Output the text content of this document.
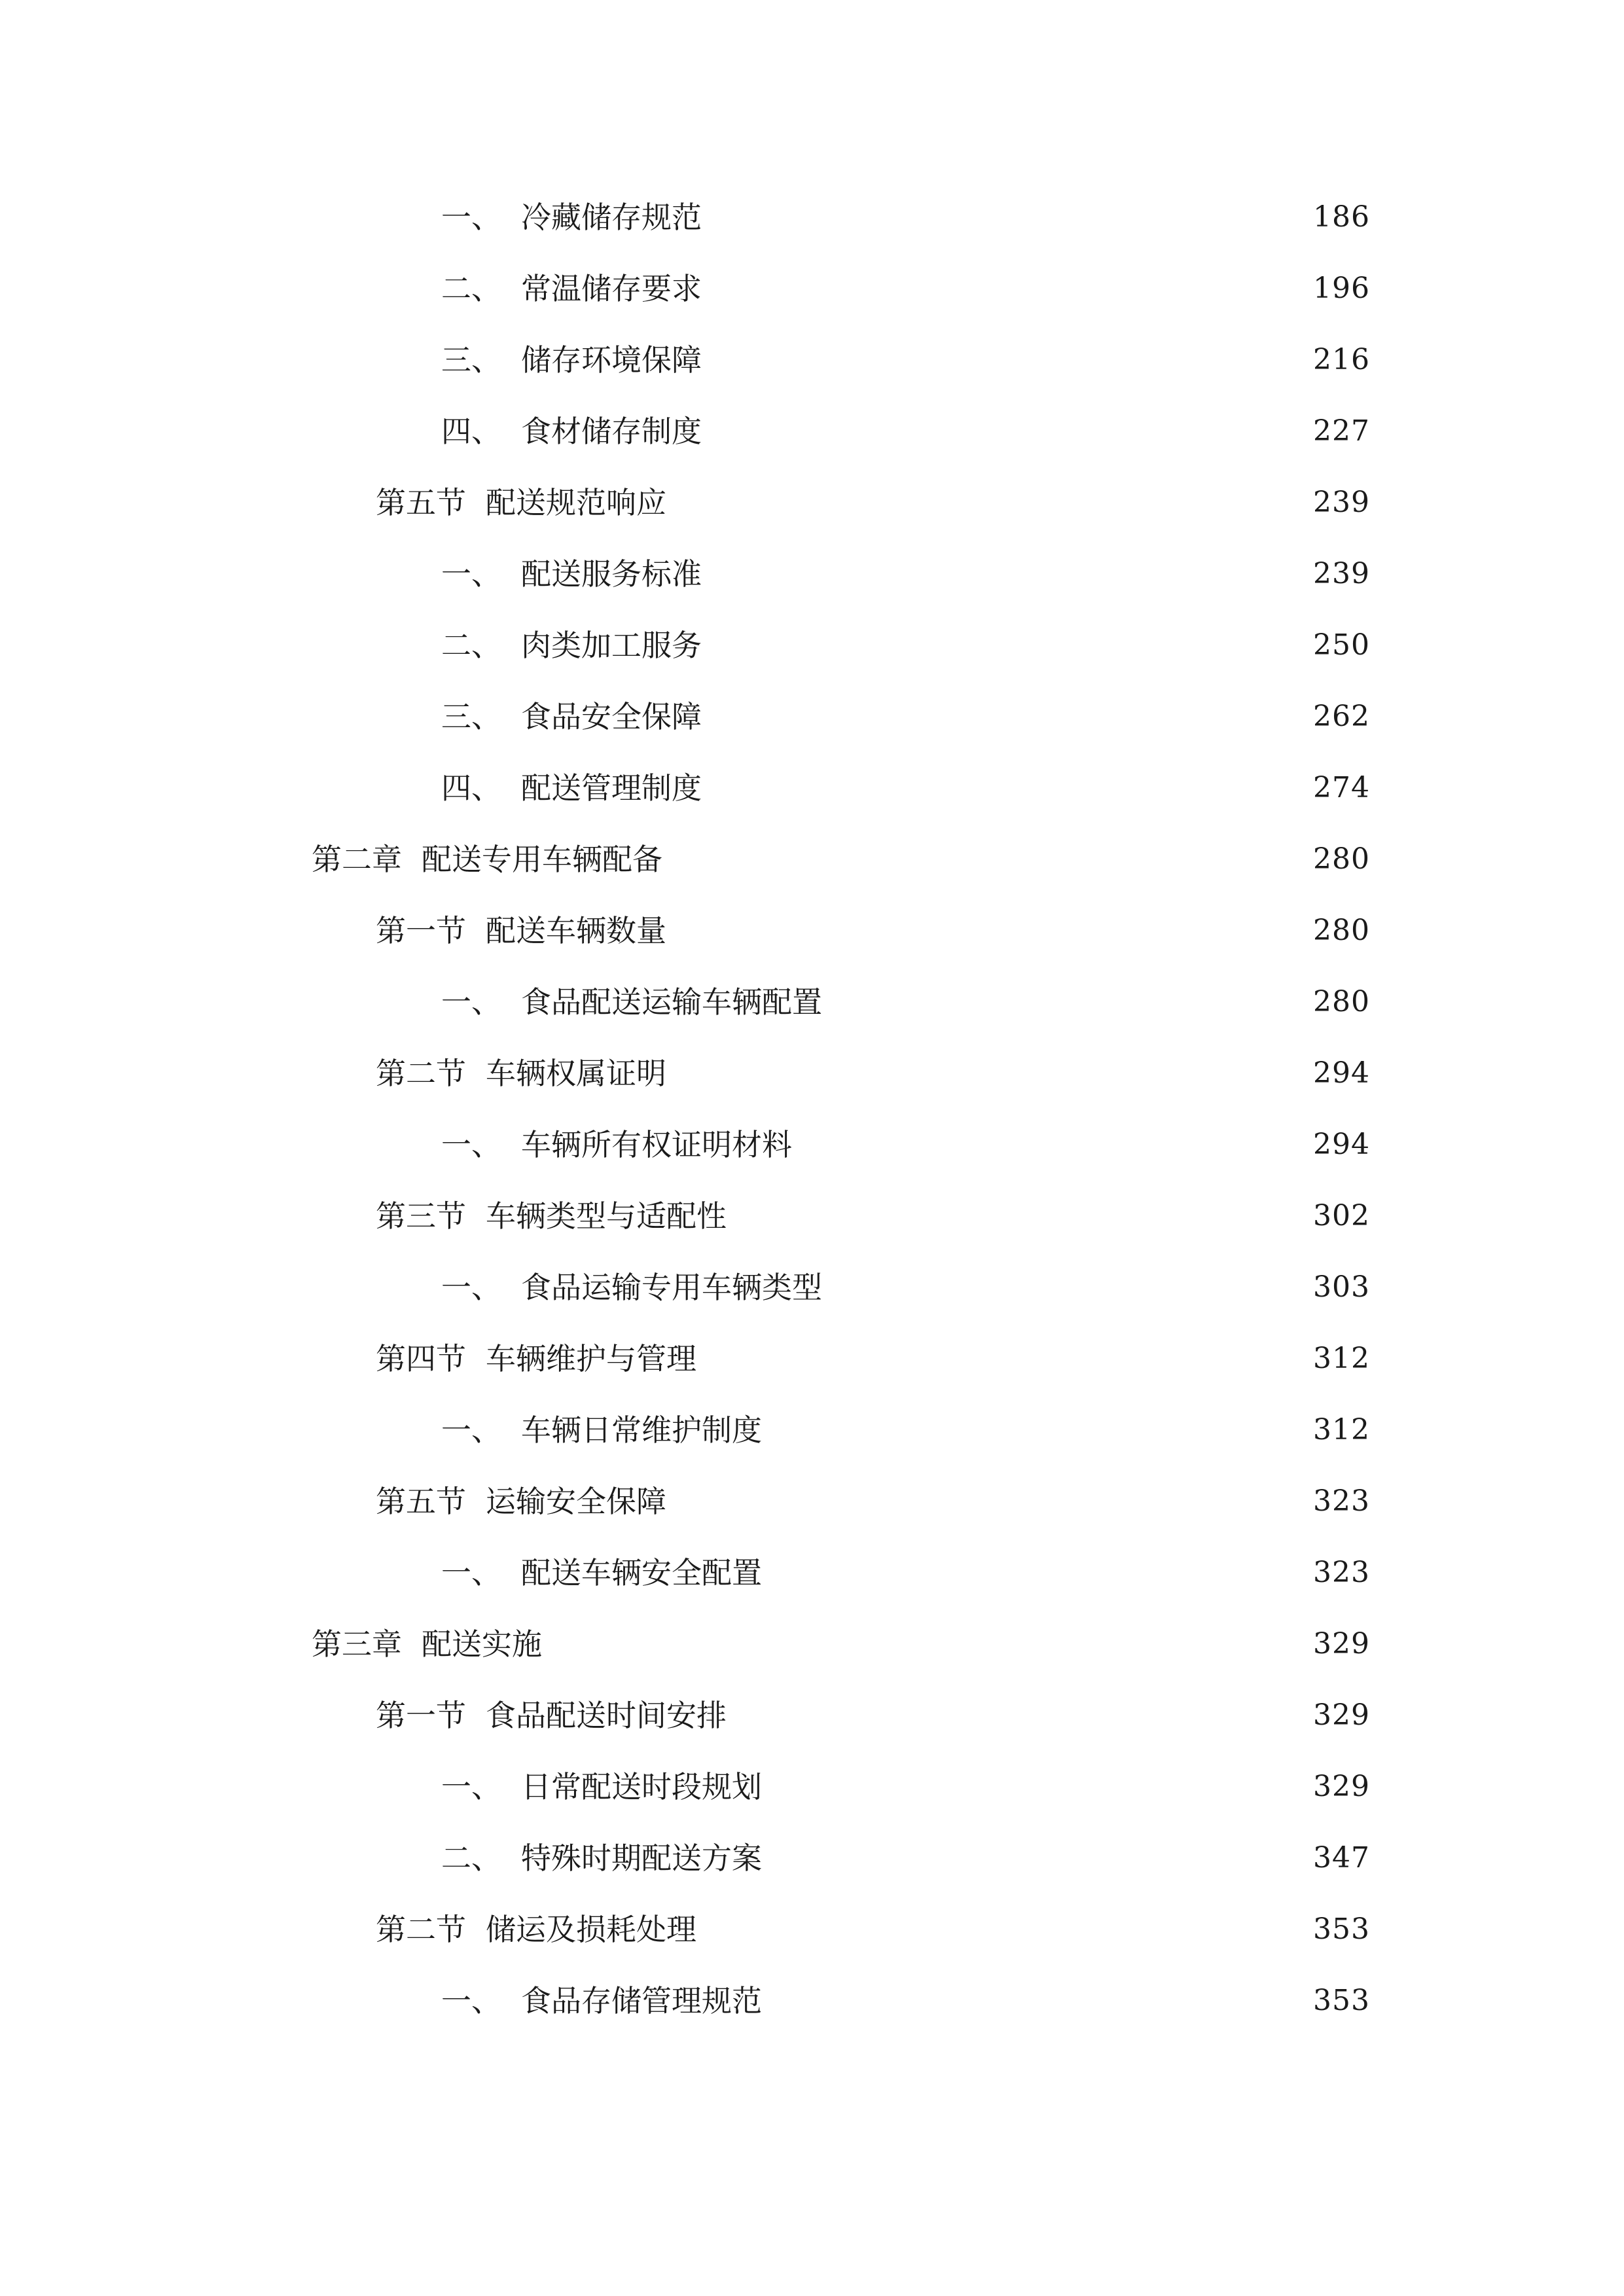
一、 冷藏储存规范	186
二、 常温储存要求	196
三、 储存环境保障	216
四、 食材储存制度	227
第五节 配送规范响应	239
一、 配送服务标准	239
二、 肉类加工服务	250
三、 食品安全保障	262
四、 配送管理制度	274
第二章 配送专用车辆配备	280
第一节 配送车辆数量	280
一、 食品配送运输车辆配置	280
第二节 车辆权属证明	294
一、 车辆所有权证明材料	294
第三节 车辆类型与适配性	302
一、 食品运输专用车辆类型	303
第四节 车辆维护与管理	312
一、 车辆日常维护制度	312
第五节 运输安全保障	323
一、 配送车辆安全配置	323
第三章 配送实施	329
第一节 食品配送时间安排	329
一、 日常配送时段规划	329
二、 特殊时期配送方案	347
第二节 储运及损耗处理	353
一、 食品存储管理规范	353
